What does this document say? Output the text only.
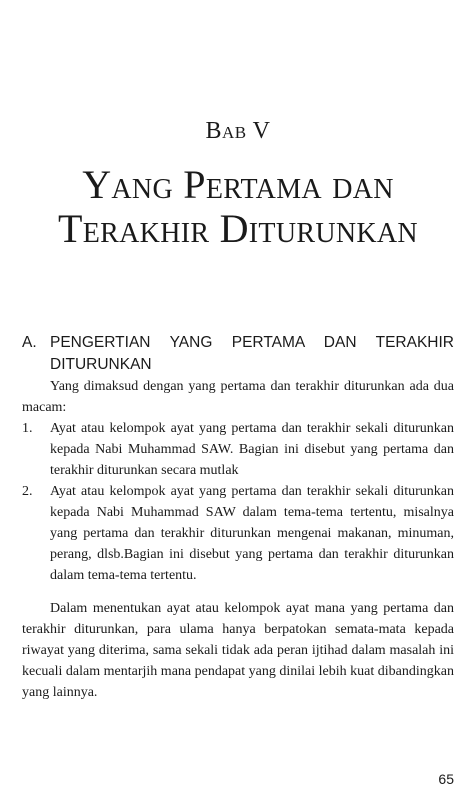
Bab V
Yang Pertama dan
Terakhir Diturunkan
A. PENGERTIAN YANG PERTAMA DAN TERAKHIR
DITURUNKAN

Yang dimaksud dengan yang pertama dan terakhir diturunkan ada dua macam:

1. Ayat atau kelompok ayat yang pertama dan terakhir sekali diturunkan kepada Nabi Muhammad SAW. Bagian ini disebut yang pertama dan terakhir diturunkan secara mutlak
2. Ayat atau kelompok ayat yang pertama dan terakhir sekali diturunkan kepada Nabi Muhammad SAW dalam tema-tema tertentu, misalnya yang pertama dan terakhir diturunkan mengenai makanan, minuman, perang, dlsb.Bagian ini disebut yang pertama dan terakhir diturunkan dalam tema-tema tertentu.

Dalam menentukan ayat atau kelompok ayat mana yang pertama dan terakhir diturunkan, para ulama hanya berpatokan semata-mata kepada riwayat yang diterima, sama sekali tidak ada peran ijtihad dalam masalah ini kecuali dalam mentarjih mana pendapat yang dinilai lebih kuat dibandingkan yang lainnya.

65
